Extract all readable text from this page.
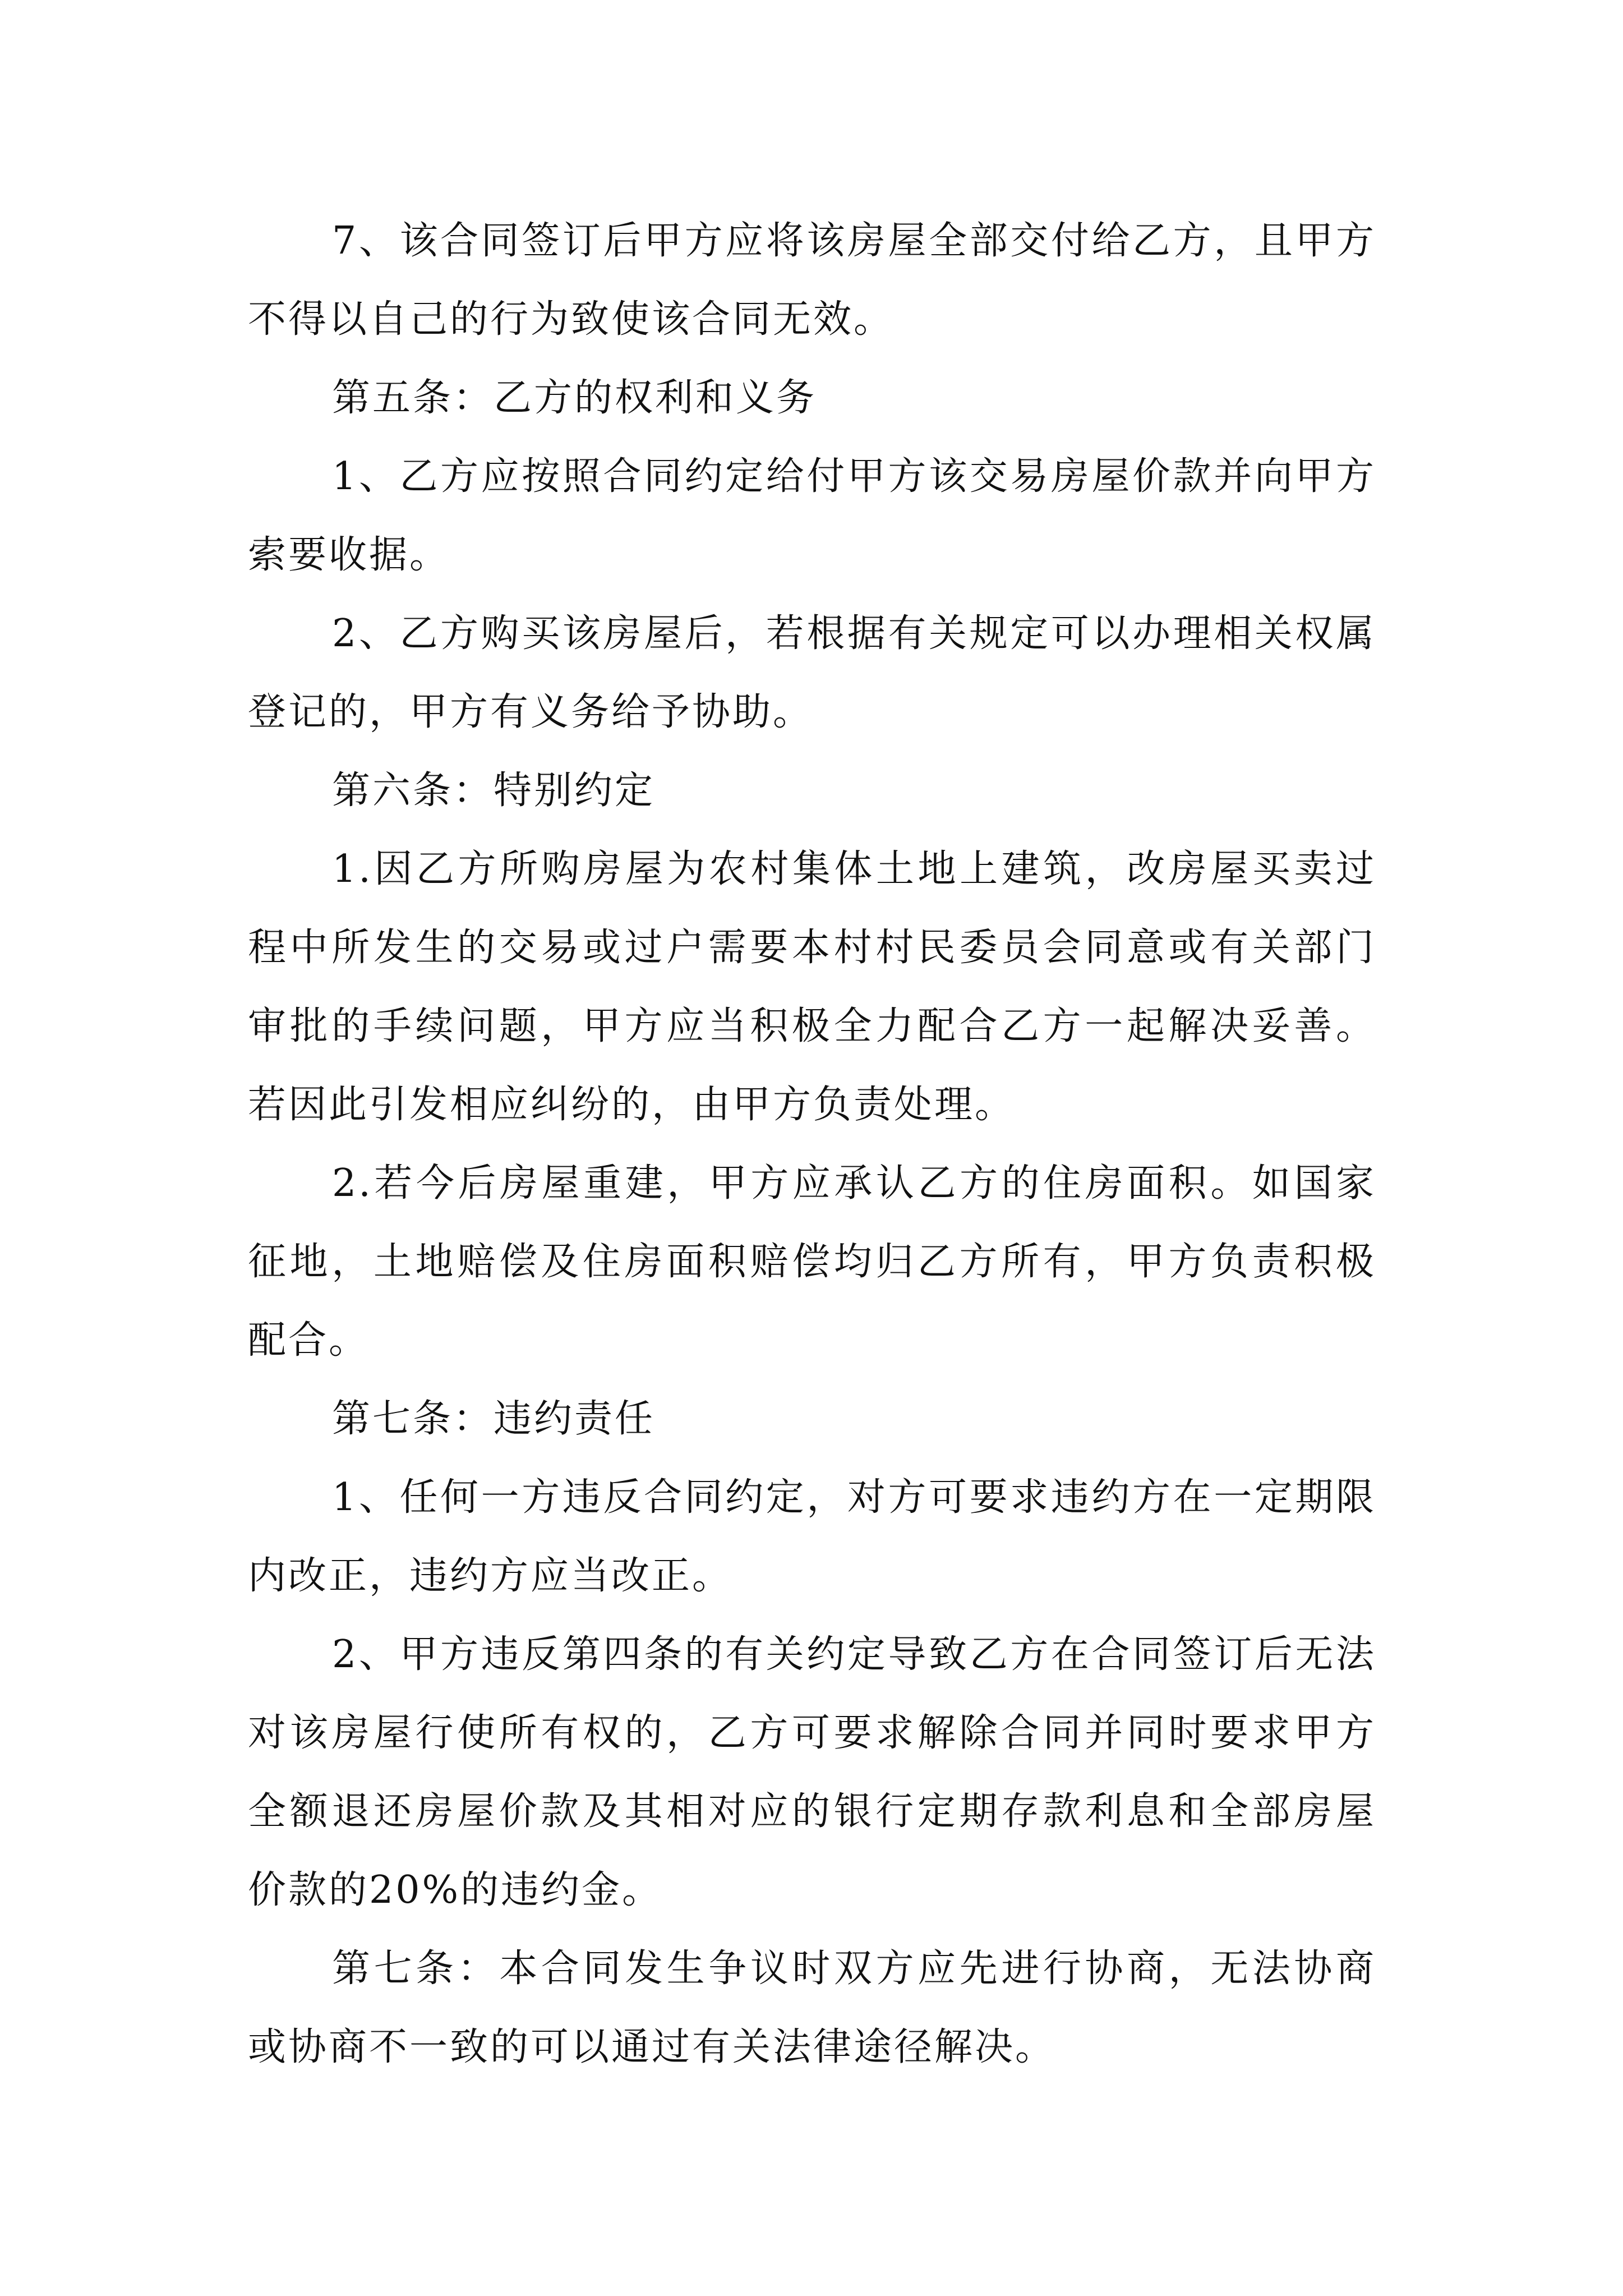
7、该合同签订后甲方应将该房屋全部交付给乙方，且甲方不得以自己的行为致使该合同无效。

第五条：乙方的权利和义务

1、乙方应按照合同约定给付甲方该交易房屋价款并向甲方索要收据。

2、乙方购买该房屋后，若根据有关规定可以办理相关权属登记的，甲方有义务给予协助。

第六条：特别约定

1.因乙方所购房屋为农村集体土地上建筑，改房屋买卖过程中所发生的交易或过户需要本村村民委员会同意或有关部门审批的手续问题，甲方应当积极全力配合乙方一起解决妥善。若因此引发相应纠纷的，由甲方负责处理。

2.若今后房屋重建，甲方应承认乙方的住房面积。如国家征地，土地赔偿及住房面积赔偿均归乙方所有，甲方负责积极配合。

第七条：违约责任

1、任何一方违反合同约定，对方可要求违约方在一定期限内改正，违约方应当改正。

2、甲方违反第四条的有关约定导致乙方在合同签订后无法对该房屋行使所有权的，乙方可要求解除合同并同时要求甲方全额退还房屋价款及其相对应的银行定期存款利息和全部房屋价款的20%的违约金。

第七条：本合同发生争议时双方应先进行协商，无法协商或协商不一致的可以通过有关法律途径解决。
